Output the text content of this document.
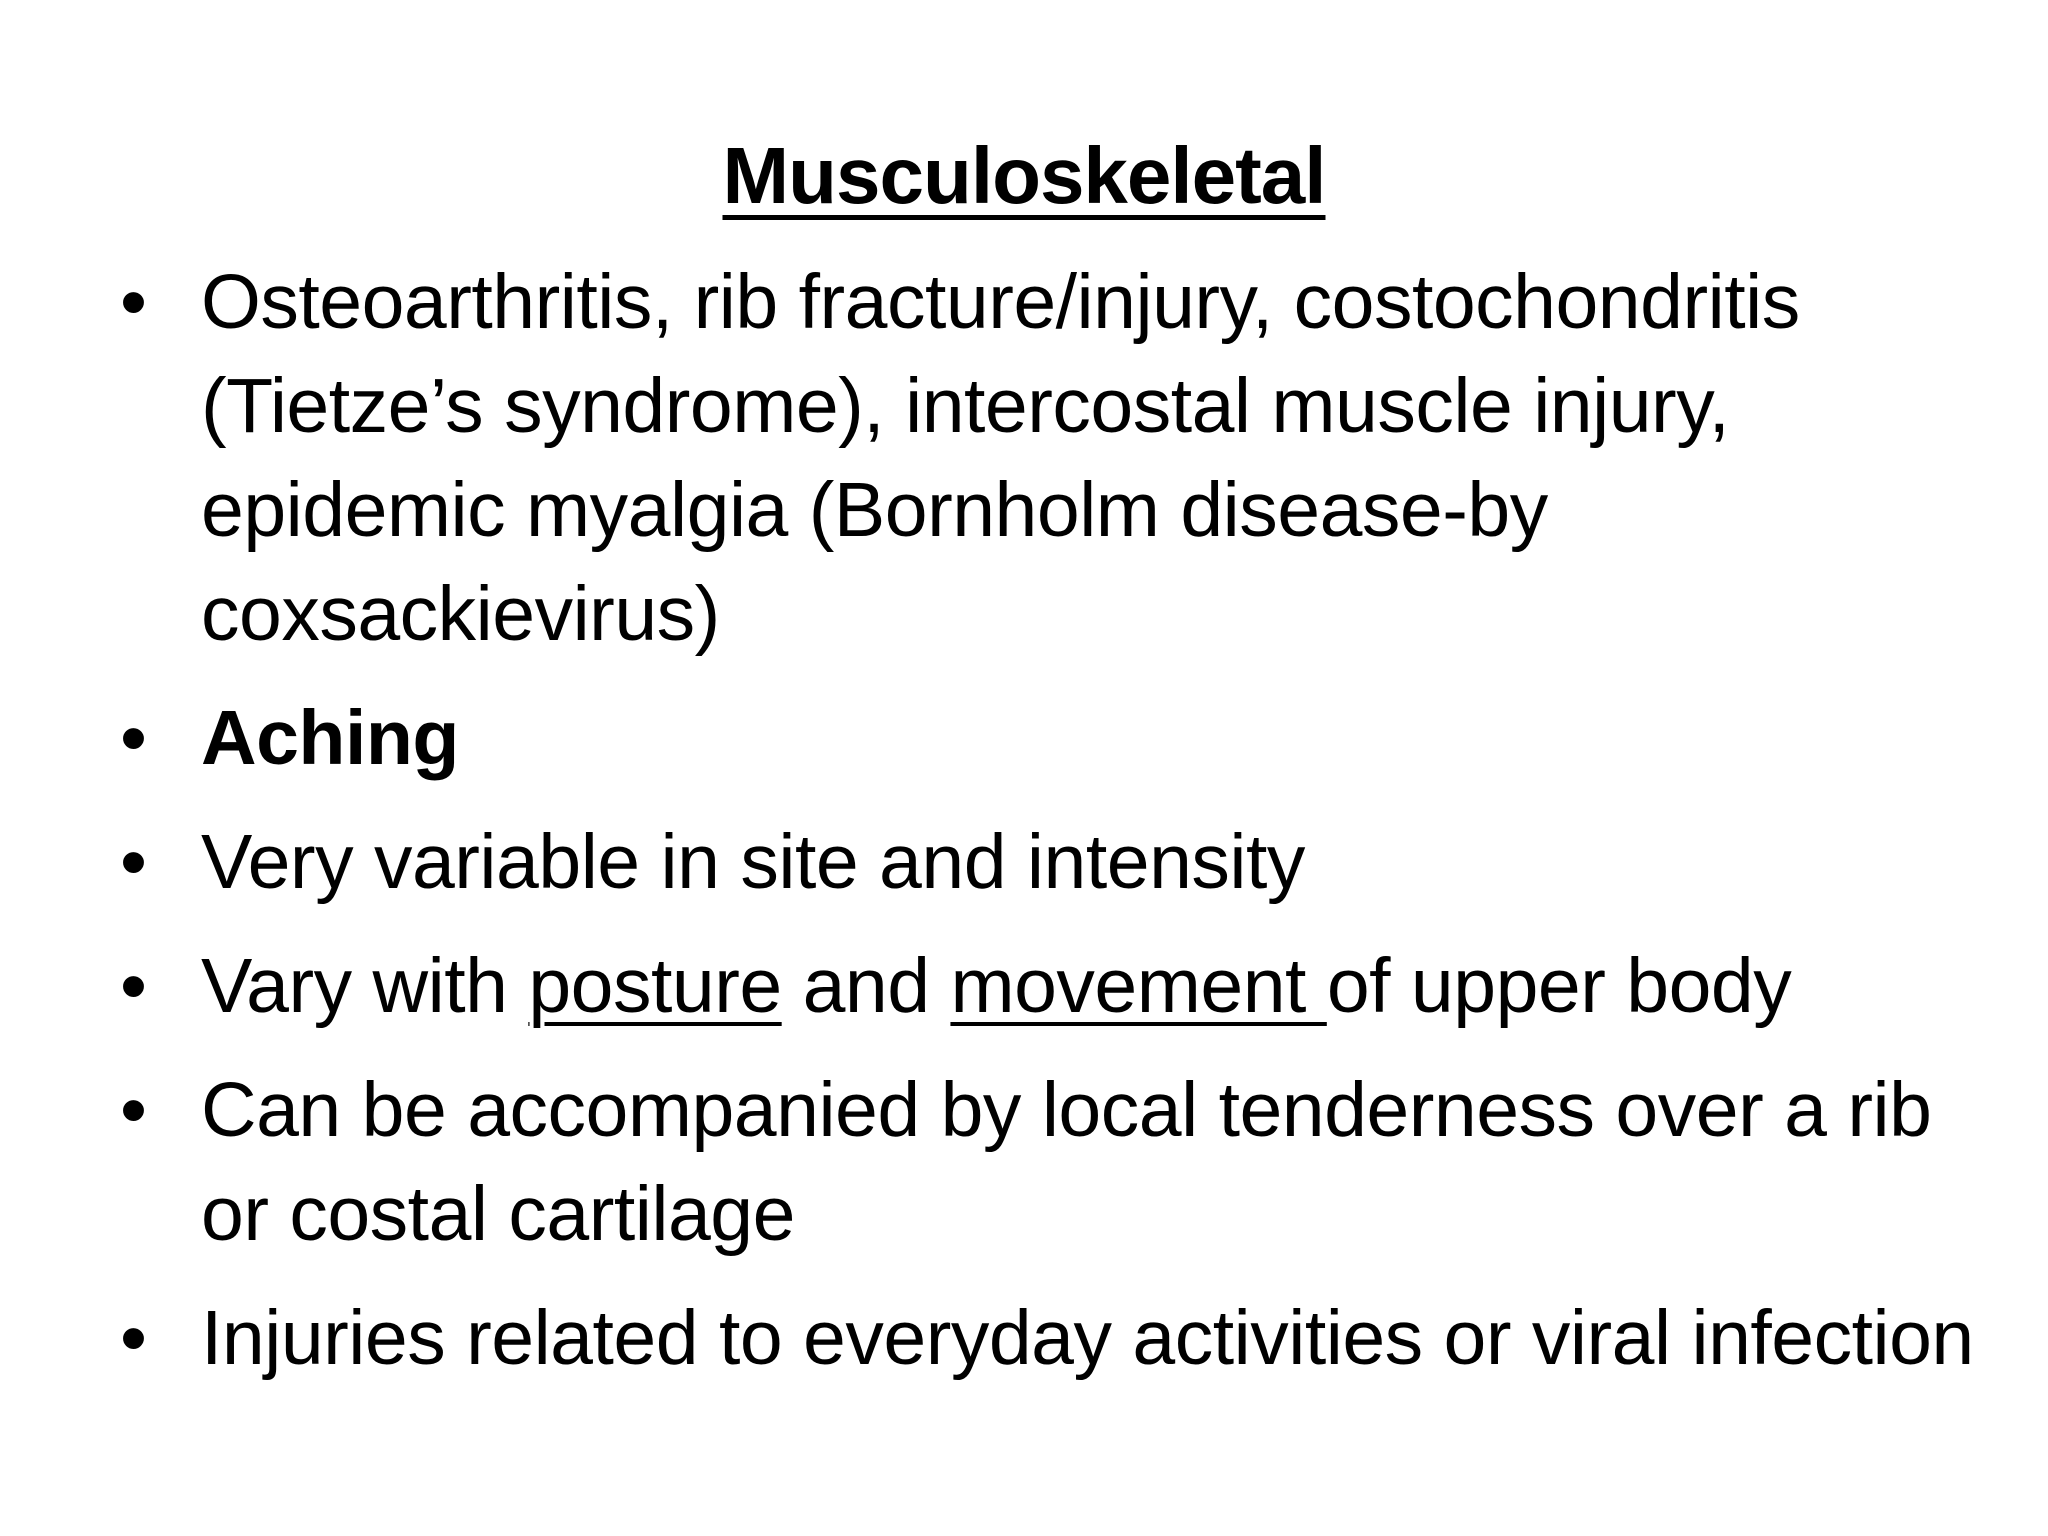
Musculoskeletal
• Osteoarthritis, rib fracture/injury, costochondritis (Tietze’s syndrome), intercostal muscle injury, epidemic myalgia (Bornholm disease-by coxsackievirus)
• Aching
• Very variable in site and intensity
• Vary with posture and movement of upper body
• Can be accompanied by local tenderness over a rib or costal cartilage
• Injuries related to everyday activities or viral infection
